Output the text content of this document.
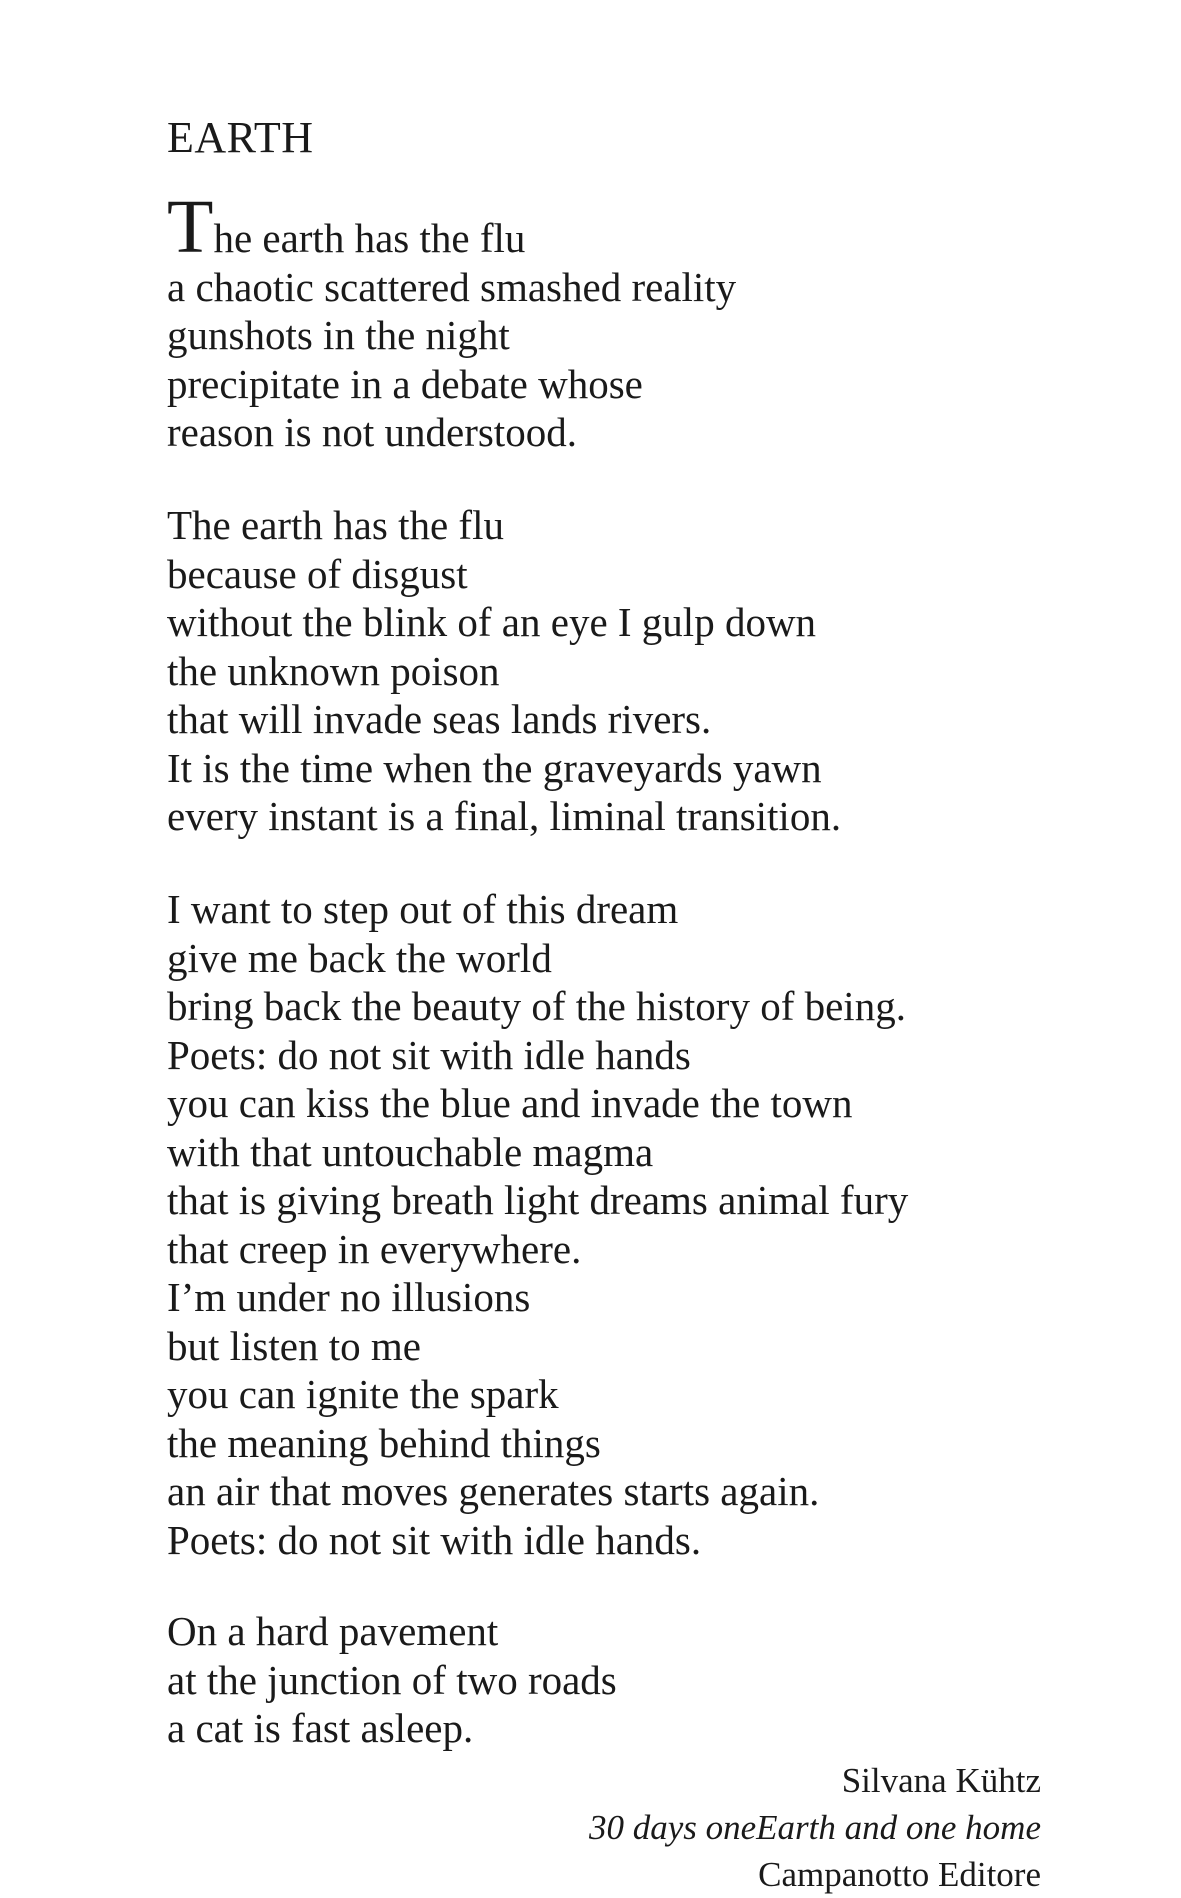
EARTH
The earth has the flu
a chaotic scattered smashed reality
gunshots in the night
precipitate in a debate whose
reason is not understood.
The earth has the flu
because of disgust
without the blink of an eye I gulp down
the unknown poison
that will invade seas lands rivers.
It is the time when the graveyards yawn
every instant is a final, liminal transition.
I want to step out of this dream
give me back the world
bring back the beauty of the history of being.
Poets: do not sit with idle hands
you can kiss the blue and invade the town
with that untouchable magma
that is giving breath light dreams animal fury
that creep in everywhere.
I’m under no illusions
but listen to me
you can ignite the spark
the meaning behind things
an air that moves generates starts again.
Poets: do not sit with idle hands.
On a hard pavement
at the junction of two roads
a cat is fast asleep.
Silvana Kühtz
30 days oneEarth and one home
Campanotto Editore
